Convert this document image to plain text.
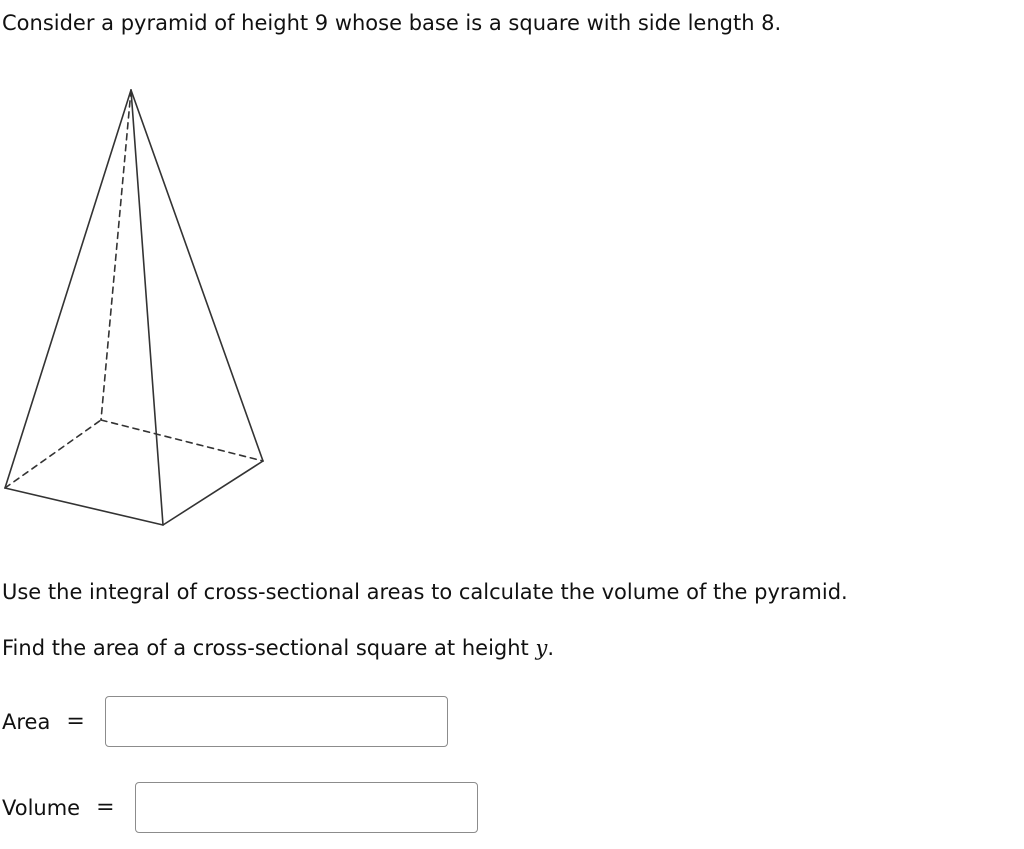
Consider a pyramid of height 9 whose base is a square with side length 8.
Use the integral of cross-sectional areas to calculate the volume of the pyramid.
Find the area of a cross-sectional square at height y.
Area =
Volume =
